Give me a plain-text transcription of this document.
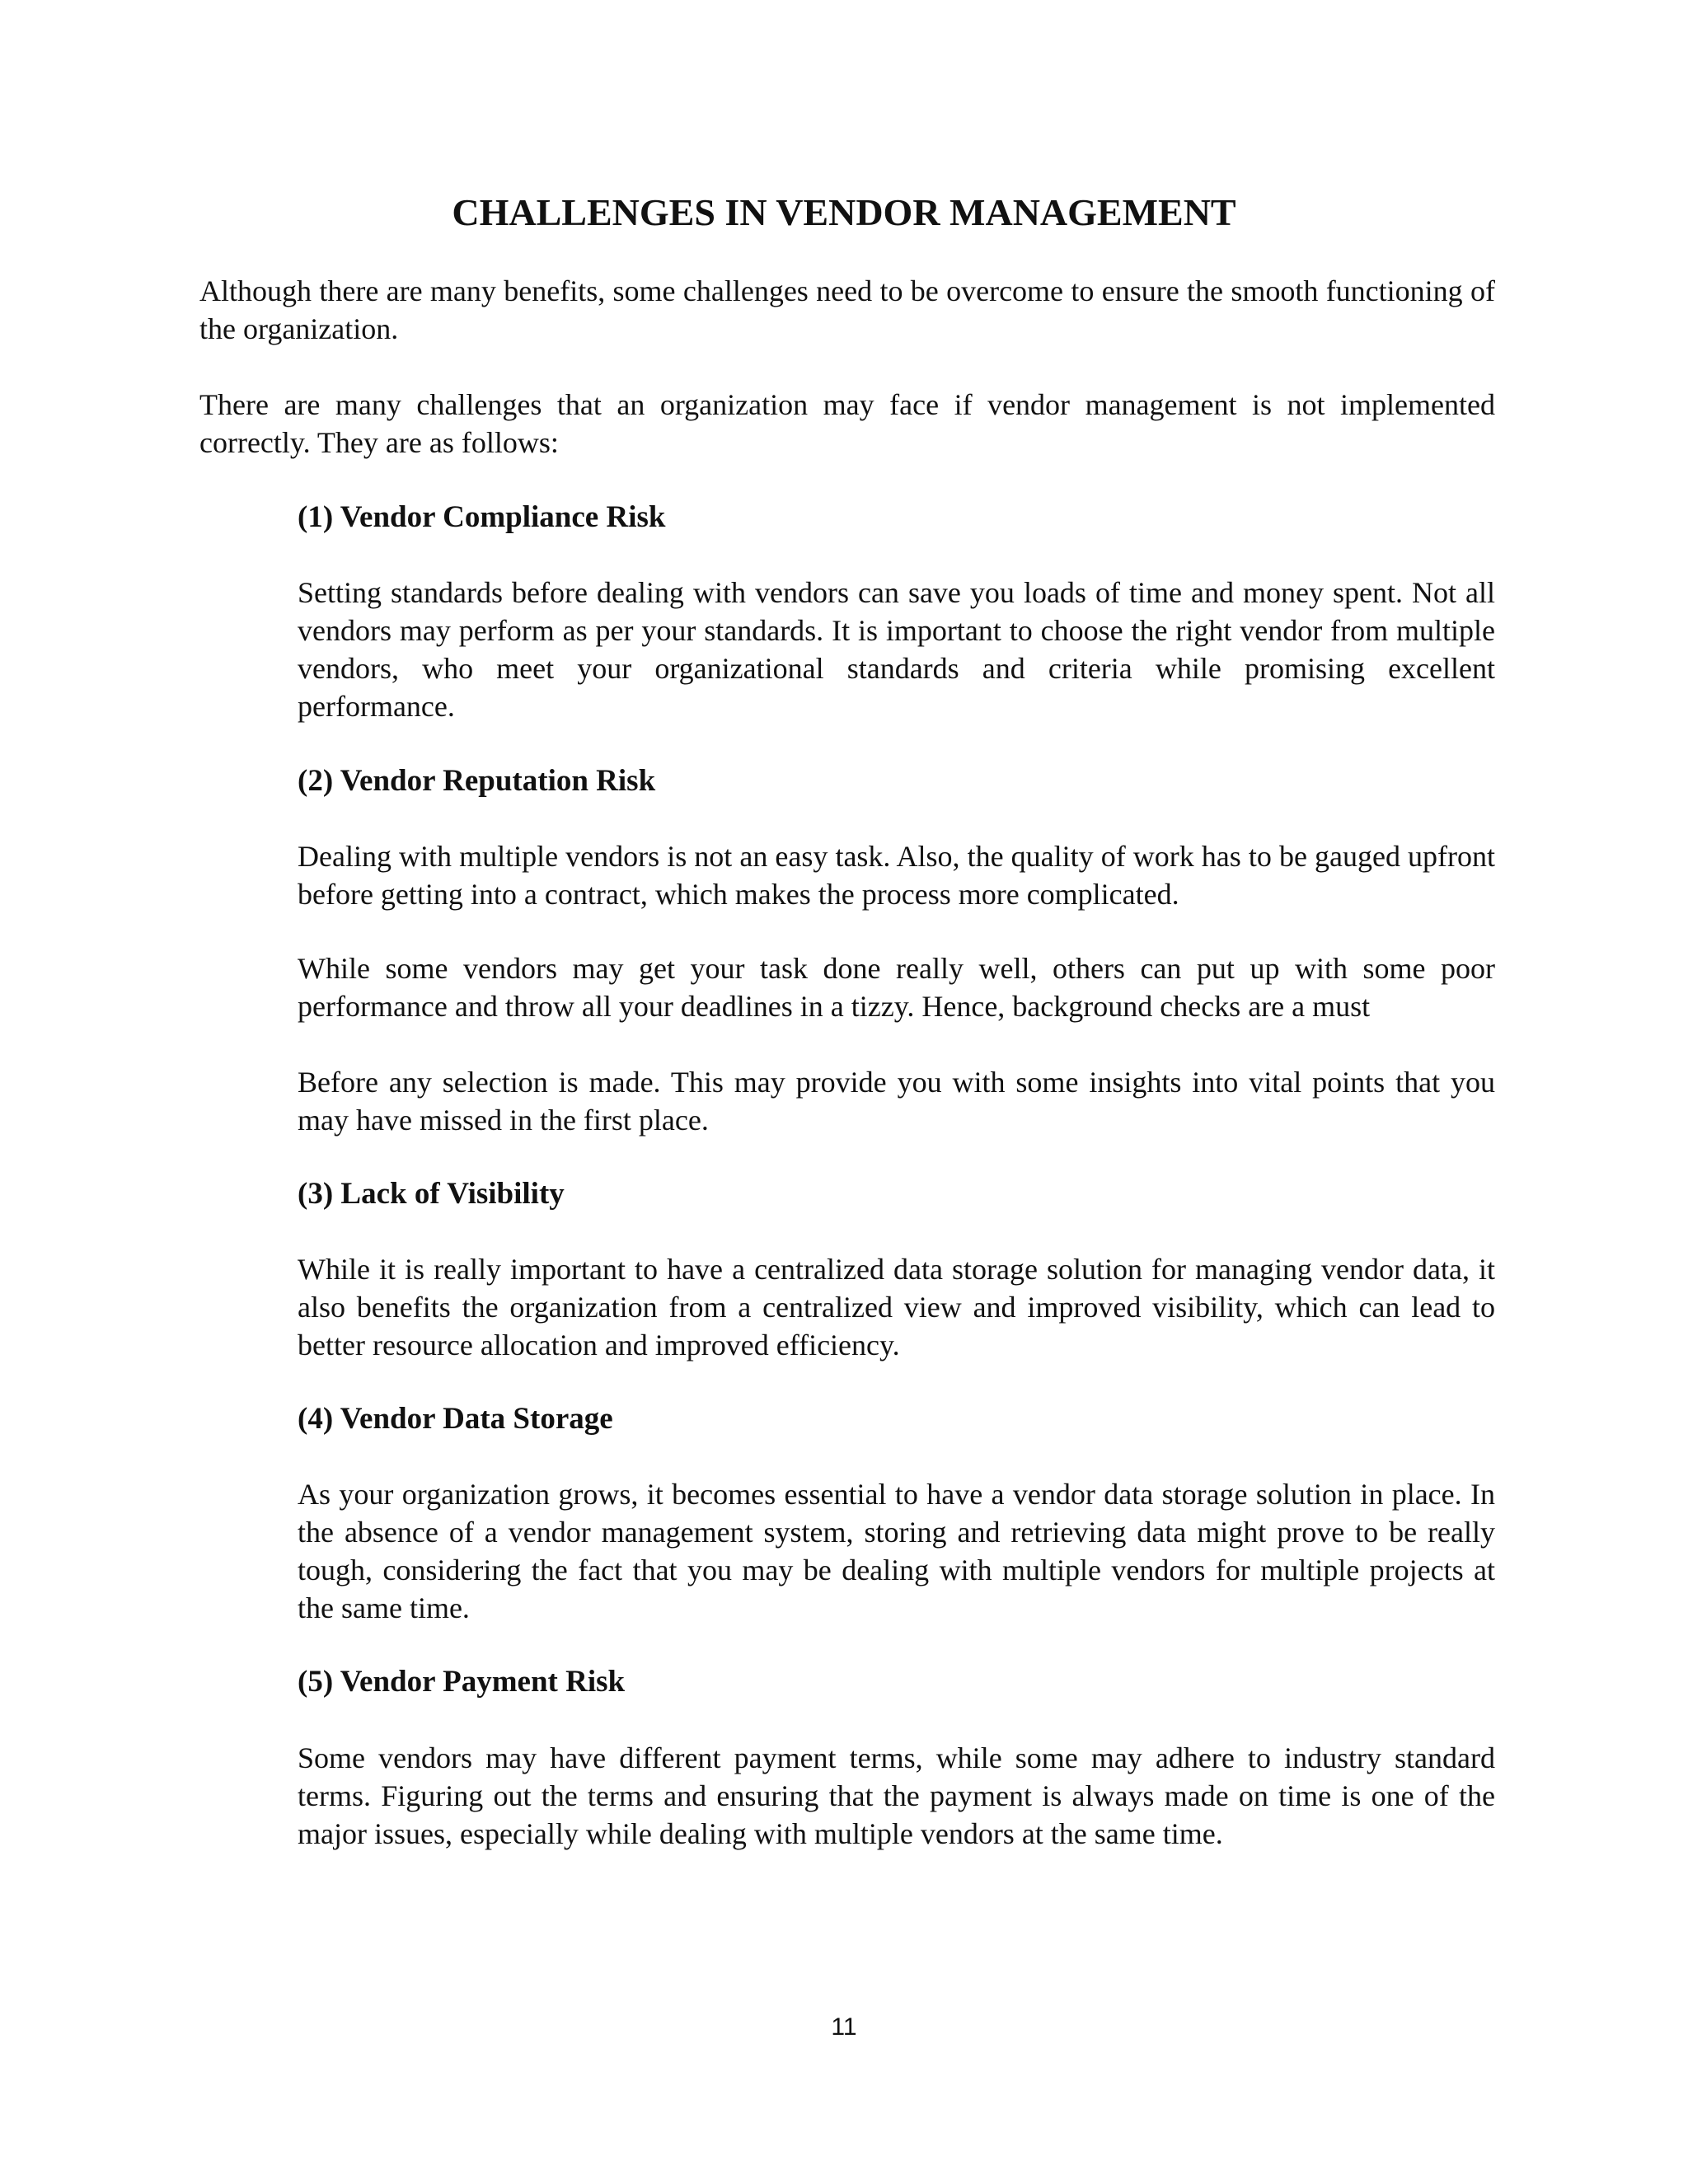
CHALLENGES IN VENDOR MANAGEMENT

Although there are many benefits, some challenges need to be overcome to ensure the smooth functioning of the organization.

There are many challenges that an organization may face if vendor management is not implemented correctly. They are as follows:

(1) Vendor Compliance Risk

Setting standards before dealing with vendors can save you loads of time and money spent. Not all vendors may perform as per your standards. It is important to choose the right vendor from multiple vendors, who meet your organizational standards and criteria while promising excellent performance.

(2) Vendor Reputation Risk

Dealing with multiple vendors is not an easy task. Also, the quality of work has to be gauged upfront before getting into a contract, which makes the process more complicated.

While some vendors may get your task done really well, others can put up with some poor performance and throw all your deadlines in a tizzy. Hence, background checks are a must

Before any selection is made. This may provide you with some insights into vital points that you may have missed in the first place.

(3) Lack of Visibility

While it is really important to have a centralized data storage solution for managing vendor data, it also benefits the organization from a centralized view and improved visibility, which can lead to better resource allocation and improved efficiency.

(4) Vendor Data Storage

As your organization grows, it becomes essential to have a vendor data storage solution in place. In the absence of a vendor management system, storing and retrieving data might prove to be really tough, considering the fact that you may be dealing with multiple vendors for multiple projects at the same time.

(5) Vendor Payment Risk

Some vendors may have different payment terms, while some may adhere to industry standard terms. Figuring out the terms and ensuring that the payment is always made on time is one of the major issues, especially while dealing with multiple vendors at the same time.

11
